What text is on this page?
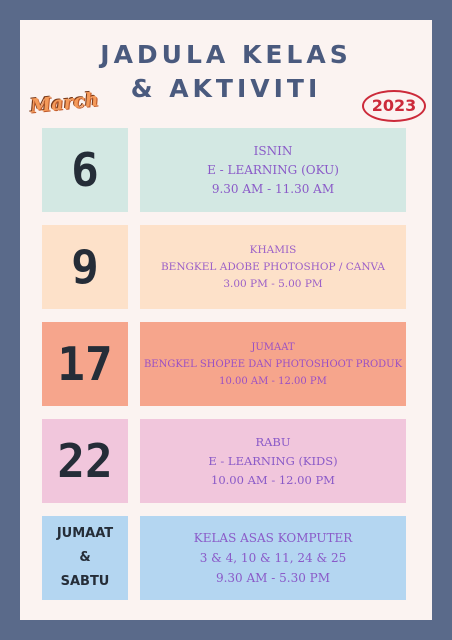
JADULA KELAS
& AKTIVITI
March	2023
6	ISNIN
E - LEARNING (OKU)
9.30 AM - 11.30 AM
9	KHAMIS
BENGKEL ADOBE PHOTOSHOP / CANVA
3.00 PM - 5.00 PM
17	JUMAAT
BENGKEL SHOPEE DAN PHOTOSHOOT PRODUK
10.00 AM - 12.00 PM
22	RABU
E - LEARNING (KIDS)
10.00 AM - 12.00 PM
JUMAAT
&
SABTU
KELAS ASAS KOMPUTER
3 & 4, 10 & 11, 24 & 25
9.30 AM - 5.30 PM
